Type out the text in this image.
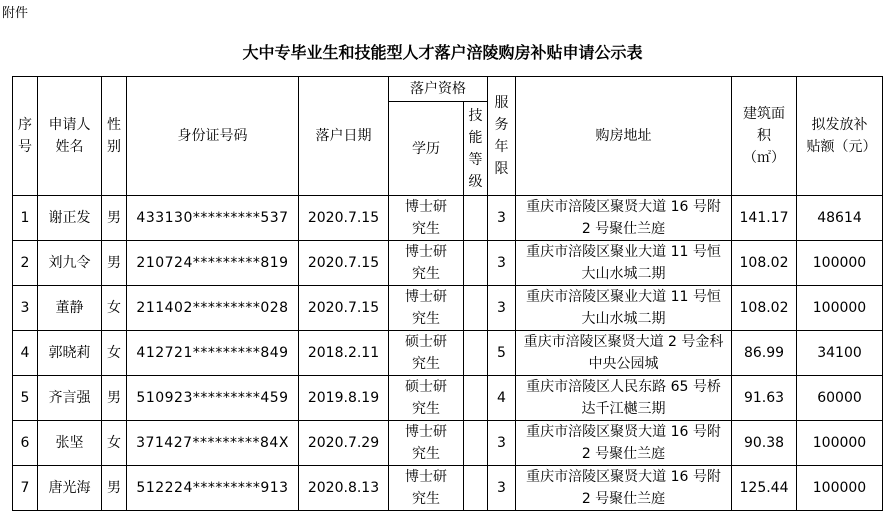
附件
大中专毕业生和技能型人才落户涪陵购房补贴申请公示表
序号	申请人姓名	性别	身份证号码	落户日期	落户资格		服务年限	购房地址	建筑面积（㎡）	拟发放补贴额（元）

					学历	技能等级				

1	谢正发	男	433130*********537	2020.7.15	博士研究生		3	重庆市涪陵区聚贤大道 16 号附 2 号聚仕兰庭	141.17	48614

2	刘九令	男	210724*********819	2020.7.15	博士研究生		3	重庆市涪陵区聚业大道 11 号恒大山水城二期	108.02	100000

3	董静	女	211402*********028	2020.7.15	博士研究生		3	重庆市涪陵区聚业大道 11 号恒大山水城二期	108.02	100000

4	郭晓莉	女	412721*********849	2018.2.11	硕士研究生		5	重庆市涪陵区聚贤大道 2 号金科中央公园城	86.99	34100

5	齐言强	男	510923*********459	2019.8.19	硕士研究生		4	重庆市涪陵区人民东路 65 号桥达千江樾三期	91.63	60000

6	张坚	女	371427*********84X	2020.7.29	博士研究生		3	重庆市涪陵区聚贤大道 16 号附 2 号聚仕兰庭	90.38	100000

7	唐光海	男	512224*********913	2020.8.13	博士研究生		3	重庆市涪陵区聚贤大道 16 号附 2 号聚仕兰庭	125.44	100000
